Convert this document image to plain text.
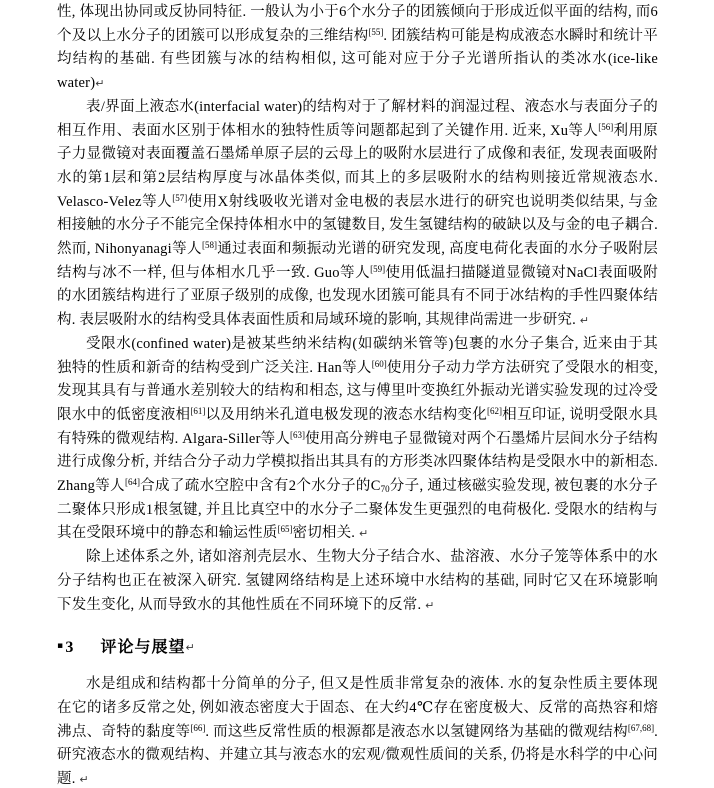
性, 体现出协同或反协同特征. 一般认为小于6个水分子的团簇倾向于形成近似平面的结构, 而6个及以上水分子的团簇可以形成复杂的三维结构[55]. 团簇结构可能是构成液态水瞬时和统计平均结构的基础. 有些团簇与冰的结构相似, 这可能对应于分子光谱所指认的类冰水(ice-like water)↵

表/界面上液态水(interfacial water)的结构对于了解材料的润湿过程、液态水与表面分子的相互作用、表面水区别于体相水的独特性质等问题都起到了关键作用. 近来, Xu等人[56]利用原子力显微镜对表面覆盖石墨烯单原子层的云母上的吸附水层进行了成像和表征, 发现表面吸附水的第1层和第2层结构厚度与冰晶体类似, 而其上的多层吸附水的结构则接近常规液态水. Velasco-Velez等人[57]使用X射线吸收光谱对金电极的表层水进行的研究也说明类似结果, 与金相接触的水分子不能完全保持体相水中的氢键数目, 发生氢键结构的破缺以及与金的电子耦合. 然而, Nihonyanagi等人[58]通过表面和频振动光谱的研究发现, 高度电荷化表面的水分子吸附层结构与冰不一样, 但与体相水几乎一致. Guo等人[59]使用低温扫描隧道显微镜对NaCl表面吸附的水团簇结构进行了亚原子级别的成像, 也发现水团簇可能具有不同于冰结构的手性四聚体结构. 表层吸附水的结构受具体表面性质和局域环境的影响, 其规律尚需进一步研究. ↵

受限水(confined water)是被某些纳米结构(如碳纳米管等)包裹的水分子集合, 近来由于其独特的性质和新奇的结构受到广泛关注. Han等人[60]使用分子动力学方法研究了受限水的相变, 发现其具有与普通水差别较大的结构和相态, 这与傅里叶变换红外振动光谱实验发现的过冷受限水中的低密度液相[61]以及用纳米孔道电极发现的液态水结构变化[62]相互印证, 说明受限水具有特殊的微观结构. Algara-Siller等人[63]使用高分辨电子显微镜对两个石墨烯片层间水分子结构进行成像分析, 并结合分子动力学模拟指出其具有的方形类冰四聚体结构是受限水中的新相态. Zhang等人[64]合成了疏水空腔中含有2个水分子的$C_{70}$分子, 通过核磁实验发现, 被包裹的水分子二聚体只形成1根氢键, 并且比真空中的水分子二聚体发生更强烈的电荷极化. 受限水的结构与其在受限环境中的静态和输运性质[65]密切相关. ↵

除上述体系之外, 诸如溶剂壳层水、生物大分子结合水、盐溶液、水分子笼等体系中的水分子结构也正在被深入研究. 氢键网络结构是上述环境中水结构的基础, 同时它又在环境影响下发生变化, 从而导致水的其他性质在不同环境下的反常. ↵

▪ 3 评论与展望↵

水是组成和结构都十分简单的分子, 但又是性质非常复杂的液体. 水的复杂性质主要体现在它的诸多反常之处, 例如液态密度大于固态、在大约4℃存在密度极大、反常的高热容和熔沸点、奇特的黏度等[66]. 而这些反常性质的根源都是液态水以氢键网络为基础的微观结构[67,68]. 研究液态水的微观结构、并建立其与液态水的宏观/微观性质间的关系, 仍将是水科学的中心问题. ↵
